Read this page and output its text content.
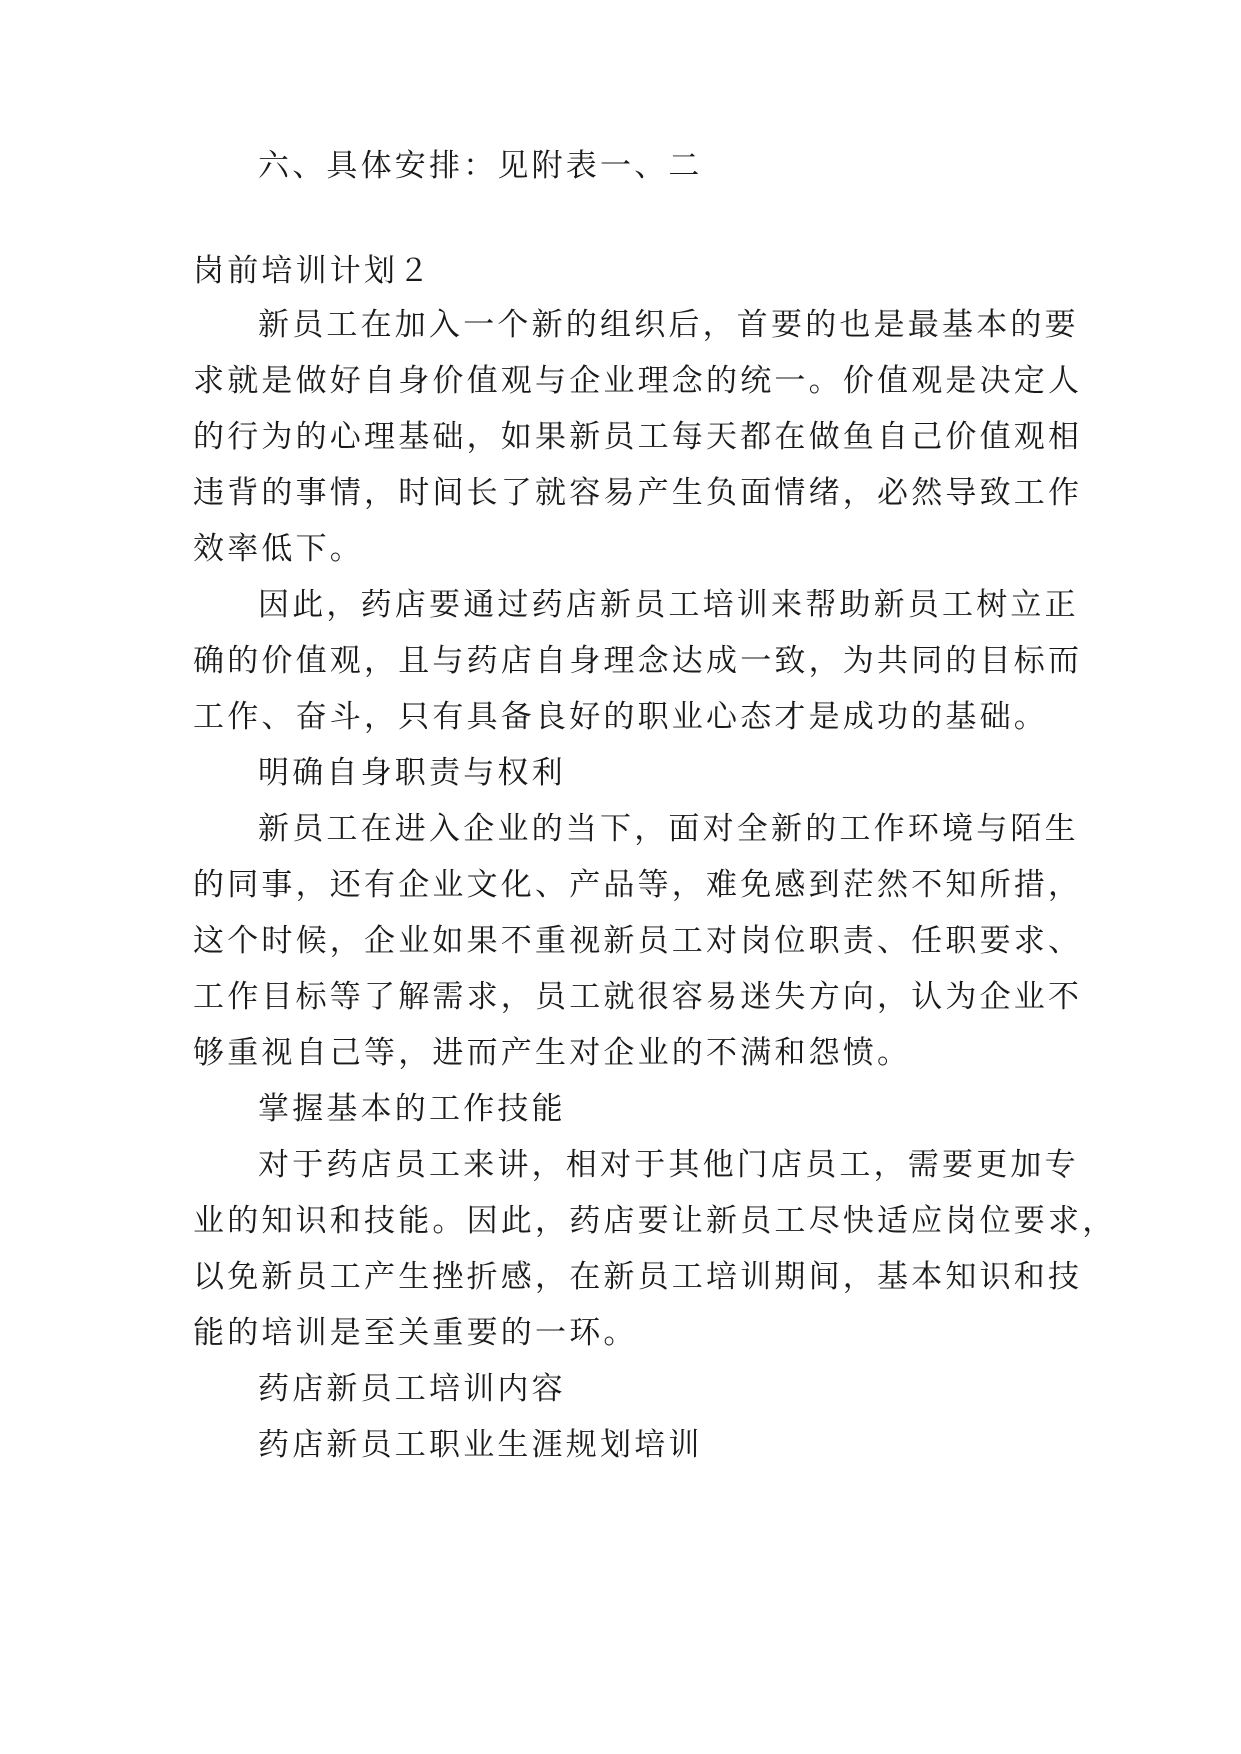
六、具体安排：见附表一、二

岗前培训计划２

新员工在加入一个新的组织后，首要的也是最基本的要

求就是做好自身价值观与企业理念的统一。价值观是决定人

的行为的心理基础，如果新员工每天都在做鱼自己价值观相

违背的事情，时间长了就容易产生负面情绪，必然导致工作

效率低下。

因此，药店要通过药店新员工培训来帮助新员工树立正

确的价值观，且与药店自身理念达成一致，为共同的目标而

工作、奋斗，只有具备良好的职业心态才是成功的基础。

明确自身职责与权利

新员工在进入企业的当下，面对全新的工作环境与陌生

的同事，还有企业文化、产品等，难免感到茫然不知所措，

这个时候，企业如果不重视新员工对岗位职责、任职要求、

工作目标等了解需求，员工就很容易迷失方向，认为企业不

够重视自己等，进而产生对企业的不满和怨愤。

掌握基本的工作技能

对于药店员工来讲，相对于其他门店员工，需要更加专

业的知识和技能。因此，药店要让新员工尽快适应岗位要求，

以免新员工产生挫折感，在新员工培训期间，基本知识和技

能的培训是至关重要的一环。

药店新员工培训内容

药店新员工职业生涯规划培训
